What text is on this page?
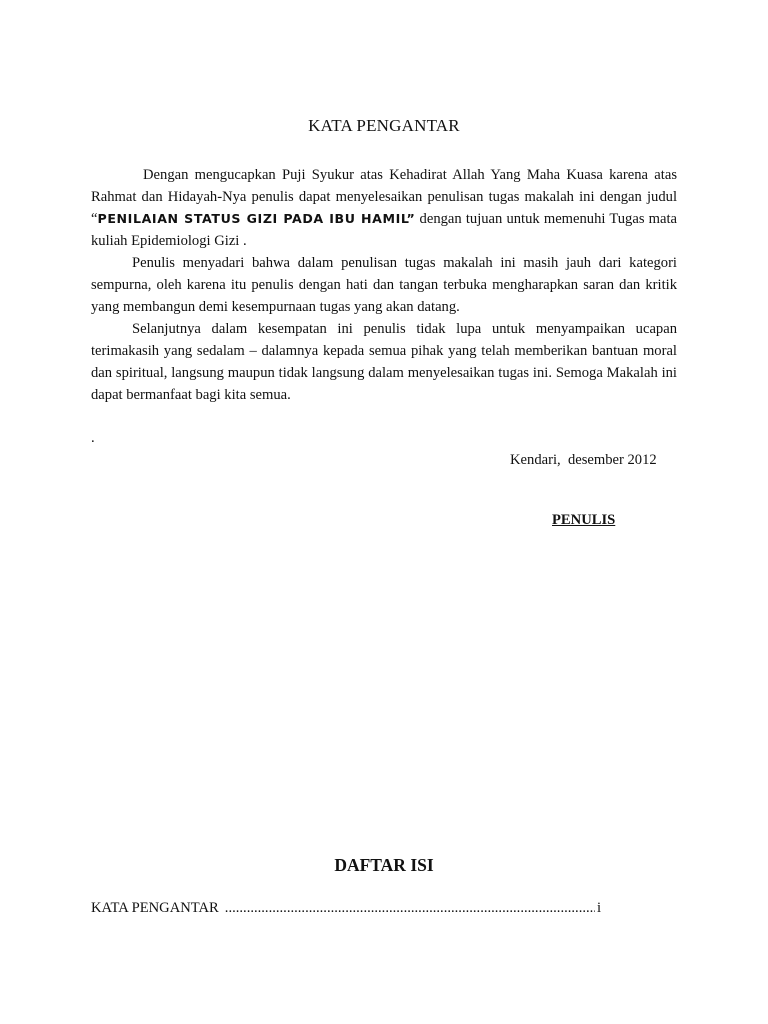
KATA PENGANTAR

Dengan mengucapkan Puji Syukur atas Kehadirat Allah Yang Maha Kuasa karena atas Rahmat dan Hidayah-Nya penulis dapat menyelesaikan penulisan tugas makalah ini dengan judul “PENILAIAN STATUS GIZI PADA IBU HAMIL” dengan tujuan untuk memenuhi Tugas mata kuliah Epidemiologi Gizi .

Penulis menyadari bahwa dalam penulisan tugas makalah ini masih jauh dari kategori sempurna, oleh karena itu penulis dengan hati dan tangan terbuka mengharapkan saran dan kritik yang membangun demi kesempurnaan tugas yang akan datang.

Selanjutnya dalam kesempatan ini penulis tidak lupa untuk menyampaikan ucapan terimakasih yang sedalam – dalamnya kepada semua pihak yang telah memberikan bantuan moral dan spiritual, langsung maupun tidak langsung dalam menyelesaikan tugas ini. Semoga Makalah ini dapat bermanfaat bagi kita semua.

.
Kendari,  desember 2012
PENULIS
DAFTAR ISI
KATA PENGANTAR
.....	i
